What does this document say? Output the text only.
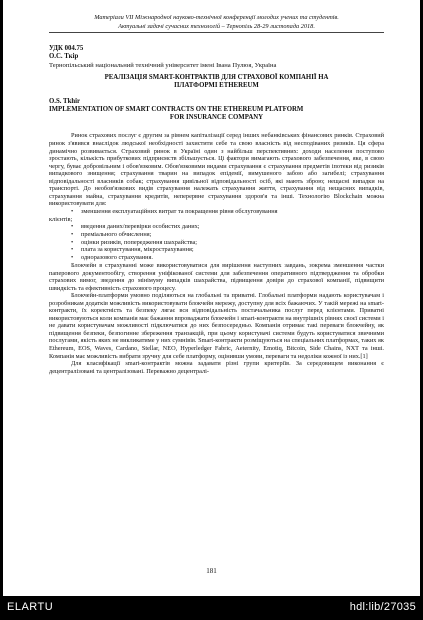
Матеріали VII Міжнародної науково-технічної конференції молодих учених та студентів.
Актуальні задачі сучасних технологій – Тернопіль 28-29 листопада 2018.
УДК 004.75
О.С. Ткір
Тернопільський національний технічний університет імені Івана Пулюя, Україна
РЕАЛІЗАЦІЯ SMART-КОНТРАКТІВ ДЛЯ СТРАХОВОЇ КОМПАНІЇ НА
ПЛАТФОРМІ ETHEREUM
O.S. Tkhir
IMPLEMENTATION OF SMART CONTRACTS ON THE ETHEREUM PLATFORM
FOR INSURANCE COMPANY

Ринок страхових послуг є другим за рівнем капіталізації серед інших небанківських фінансових ринків. Страховий ринок з'явився внаслідок людської необхідності захистити себе та свою власність від несподіваних ризиків. Ця сфера динамічно розвивається. Страховий ринок в Україні один з найбільш перспективних: доходи населення поступово зростають, кількість прибуткових підприємств збільшується. Ці фактори вимагають страхового забезпечення, яке, в свою чергу, буває добровільним і обов'язковим. Обов'язковими видами страхування є страхування предметів іпотеки від ризиків випадкового знищення; страхування тварин на випадок епідемії, вимушеного забою або загибелі; страхування відповідальності власників собак; страхування цивільної відповідальності осіб, які мають зброю; нещасні випадки на транспорті. До необов'язкових видів страхування належать страхування життя, страхування від нещасних випадків, страхування майна, страхування кредитів, неперервне страхування здоров'я та інші. Технологію Blockchain можна використовувати для:

• зменшення експлуатаційних витрат та покращення рівня обслуговування

клієнтів;

• введення даних/перевірки особистих даних;
• преміального обчислення;
• оцінки ризиків, попередження шахрайства;
• плата за користування, мікрострахування;
• одноразового страхування.

Блокчейн в страхуванні може використовуватися для вирішення наступних завдань, зокрема зменшення частки паперового документообігу, створення уніфікованої системи для забезпечення оперативного підтвердження та обробки страхових вимог, зведення до мінімуму випадків шахрайства, підвищення довіри до страхової компанії, підвищити швидкість та ефективність страхового процесу.

Блокчейн-платформи умовно поділяються на глобальні та приватні. Глобальні платформи надають користувачам і розробникам додатків можливість використовувати блокчейн мережу, доступну для всіх бажаючих. У такій мережі на smart-контракти, їх коректність та безпеку лягає вся відповідальність постачальника послуг перед клієнтами. Приватні використовуються коли компанія має бажання впроваджати блокчейн і smart-контракти на внутрішніх рівнях своєї системи і не давати користувачам можливості підключатися до них безпосередньо. Компанія отримає такі переваги блокчейну, як підвищення безпеки, безпогинне збереження транзакцій, при цьому користувачі системи будуть користуватися звичними послугами, якість яких не викликатиме у них сумнівів. Smart-контракти розміщуються на спеціальних платформах, таких як Ethereum, EOS, Waves, Cardano, Stellar, NEO, Hyperledger Fabric, Aeternity, Emotiq, Bitcoin, Side Chains, NXT та інші. Компанія має можливість вибрати зручну для себе платформу, оцінивши умови, переваги та недоліки кожної із них.[1]

Для класифікації smart-контрактів можна задавати різні групи критеріїв. За середовищем виконання є децентралізовані та централізовані. Переважно децентралі-

181
ELARTU	hdl:lib/27035
